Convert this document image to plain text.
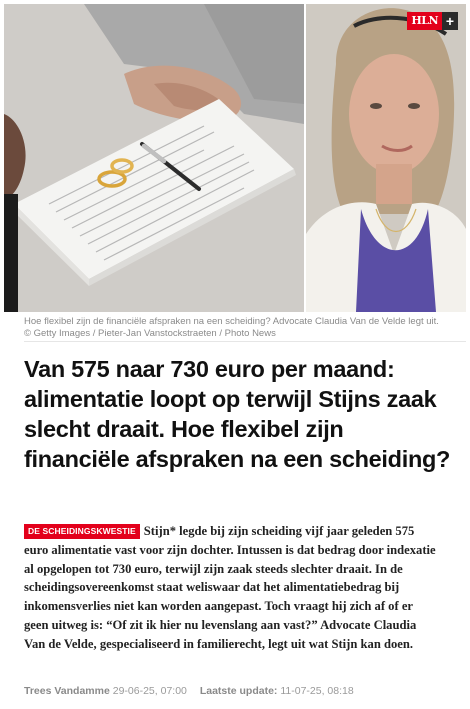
HLN +
Hoe flexibel zijn de financiële afspraken na een scheiding? Advocate Claudia Van de Velde legt uit. © Getty Images / Pieter-Jan Vanstockstraeten / Photo News
Van 575 naar 730 euro per maand: alimentatie loopt op terwijl Stijns zaak slecht draait. Hoe flexibel zijn financiële afspraken na een scheiding?
DE SCHEIDINGSKWESTIE Stijn* legde bij zijn scheiding vijf jaar geleden 575 euro alimentatie vast voor zijn dochter. Intussen is dat bedrag door indexatie al opgelopen tot 730 euro, terwijl zijn zaak steeds slechter draait. In de scheidingsovereenkomst staat weliswaar dat het alimentatiebedrag bij inkomensverlies niet kan worden aangepast. Toch vraagt hij zich af of er geen uitweg is: “Of zit ik hier nu levenslang aan vast?” Advocate Claudia Van de Velde, gespecialiseerd in familierecht, legt uit wat Stijn kan doen.
Trees Vandamme 29-06-25, 07:00 Laatste update: 11-07-25, 08:18
